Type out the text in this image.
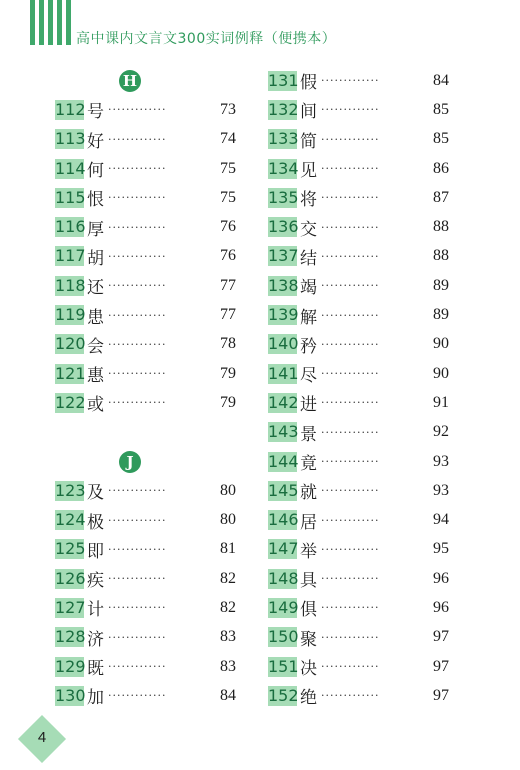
高中课内文言文300实词例释（便携本）
H
112 号 ·············	73
113 好 ·············	74
114 何 ·············	75
115 恨 ·············	75
116 厚 ·············	76
117 胡 ·············	76
118 还 ·············	77
119 患 ·············	77
120 会 ·············	78
121 惠 ·············	79
122 或 ·············	79
J
123 及 ·············	80
124 极 ·············	80
125 即 ·············	81
126 疾 ·············	82
127 计 ·············	82
128 济 ·············	83
129 既 ·············	83
130 加 ·············	84
131 假 ·············	84
132 间 ·············	85
133 简 ·············	85
134 见 ·············	86
135 将 ·············	87
136 交 ·············	88
137 结 ·············	88
138 竭 ·············	89
139 解 ·············	89
140 矜 ·············	90
141 尽 ·············	90
142 进 ·············	91
143 景 ·············	92
144 竟 ·············	93
145 就 ·············	93
146 居 ·············	94
147 举 ·············	95
148 具 ·············	96
149 俱 ·············	96
150 聚 ·············	97
151 决 ·············	97
152 绝 ·············	97
4
